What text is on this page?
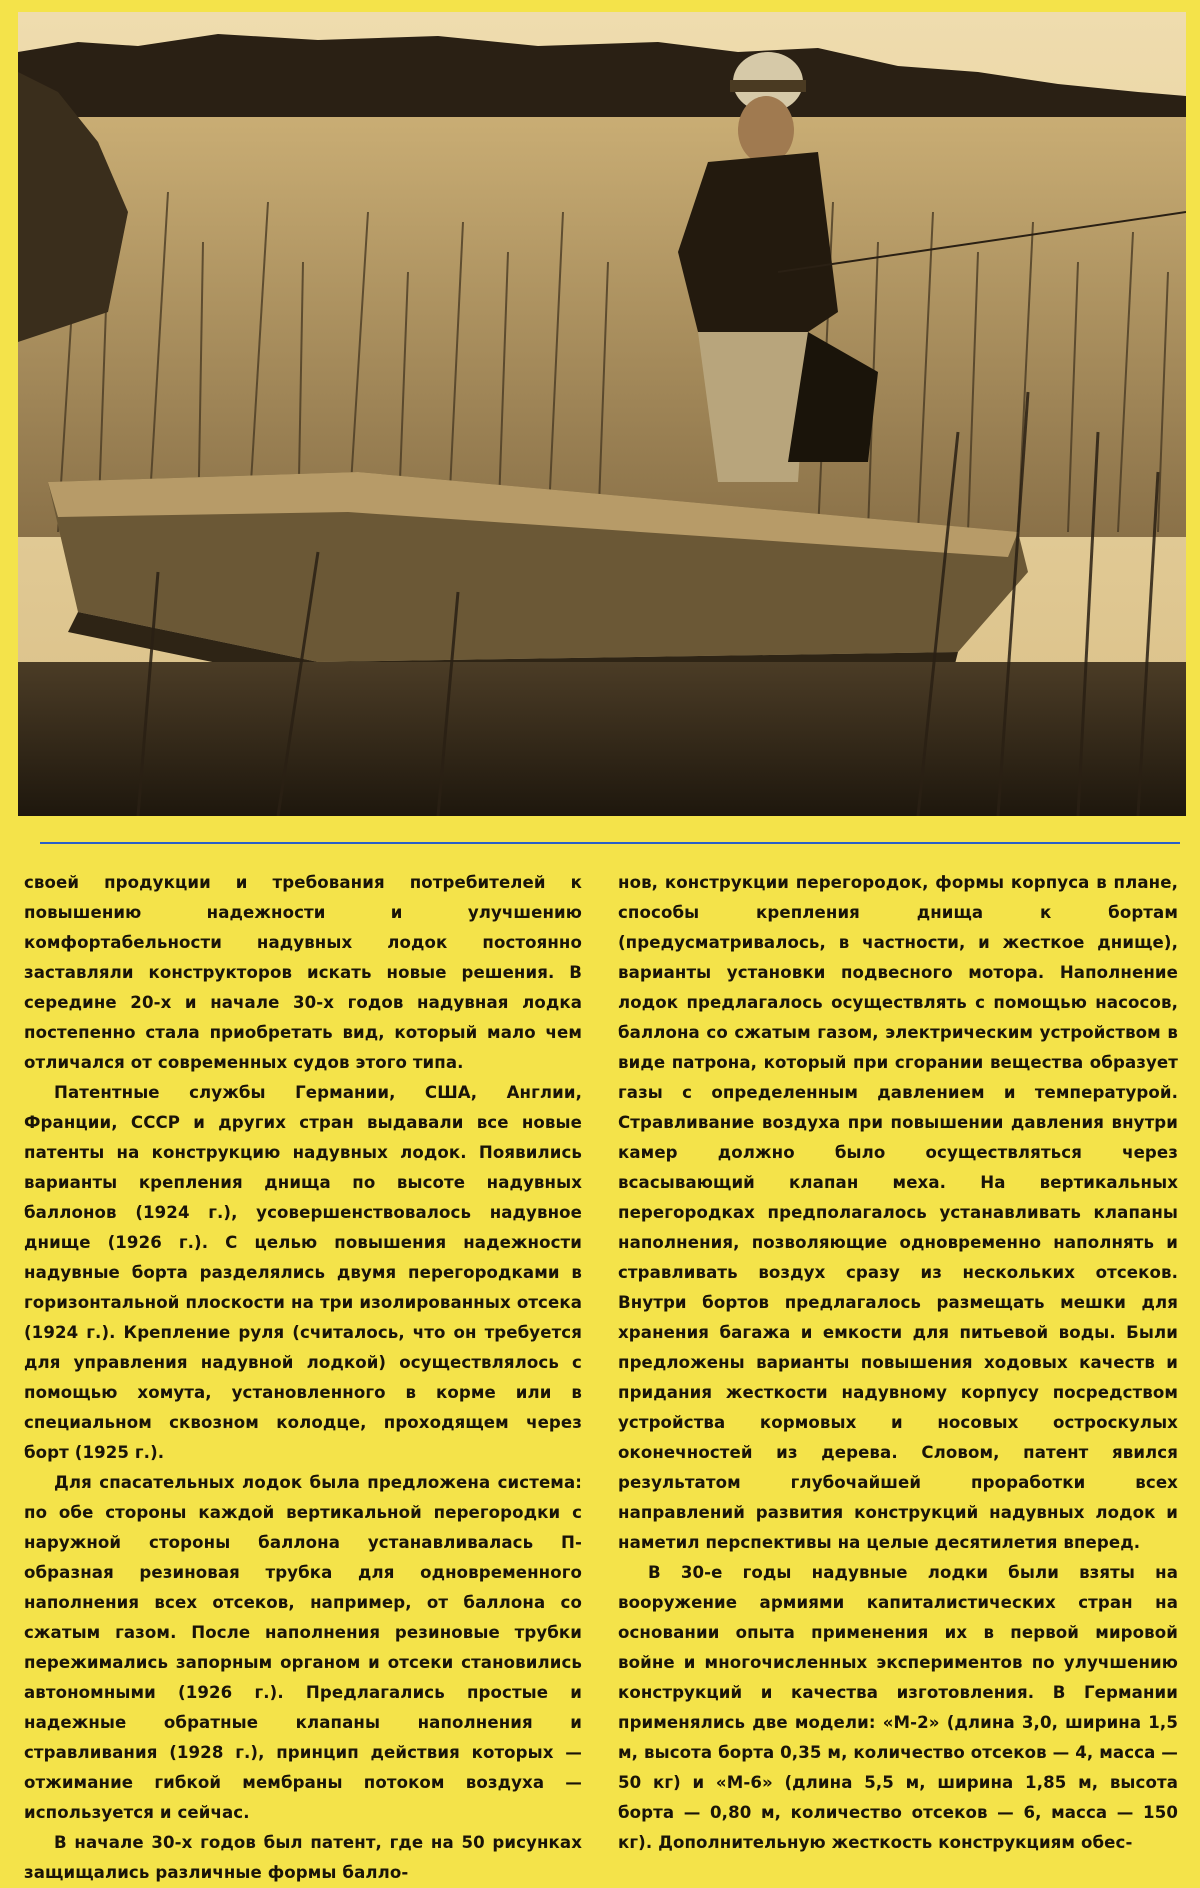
своей продукции и требования потребителей к повышению надежности и улучшению комфортабельности надувных лодок постоянно заставляли конструкторов искать новые решения. В середине 20-х и начале 30-х годов надувная лодка постепенно стала приобретать вид, который мало чем отличался от современных судов этого типа.

Патентные службы Германии, США, Англии, Франции, СССР и других стран выдавали все новые патенты на конструкцию надувных лодок. Появились варианты крепления днища по высоте надувных баллонов (1924 г.), усовершенствовалось надувное днище (1926 г.). С целью повышения надежности надувные борта разделялись двумя перегородками в горизонтальной плоскости на три изолированных отсека (1924 г.). Крепление руля (считалось, что он требуется для управления надувной лодкой) осуществлялось с помощью хомута, установленного в корме или в специальном сквозном колодце, проходящем через борт (1925 г.).

Для спасательных лодок была предложена система: по обе стороны каждой вертикальной перегородки с наружной стороны баллона устанавливалась П-образная резиновая трубка для одновременного наполнения всех отсеков, например, от баллона со сжатым газом. После наполнения резиновые трубки пережимались запорным органом и отсеки становились автономными (1926 г.). Предлагались простые и надежные обратные клапаны наполнения и стравливания (1928 г.), принцип действия которых — отжимание гибкой мембраны потоком воздуха — используется и сейчас.

В начале 30-х годов был патент, где на 50 рисунках защищались различные формы балло-

нов, конструкции перегородок, формы корпуса в плане, способы крепления днища к бортам (предусматривалось, в частности, и жесткое днище), варианты установки подвесного мотора. Наполнение лодок предлагалось осуществлять с помощью насосов, баллона со сжатым газом, электрическим устройством в виде патрона, который при сгорании вещества образует газы с определенным давлением и температурой. Стравливание воздуха при повышении давления внутри камер должно было осуществляться через всасывающий клапан меха. На вертикальных перегородках предполагалось устанавливать клапаны наполнения, позволяющие одновременно наполнять и стравливать воздух сразу из нескольких отсеков. Внутри бортов предлагалось размещать мешки для хранения багажа и емкости для питьевой воды. Были предложены варианты повышения ходовых качеств и придания жесткости надувному корпусу посредством устройства кормовых и носовых остроскулых оконечностей из дерева. Словом, патент явился результатом глубочайшей проработки всех направлений развития конструкций надувных лодок и наметил перспективы на целые десятилетия вперед.

В 30-е годы надувные лодки были взяты на вооружение армиями капиталистических стран на основании опыта применения их в первой мировой войне и многочисленных экспериментов по улучшению конструкций и качества изготовления. В Германии применялись две модели: «М-2» (длина 3,0, ширина 1,5 м, высота борта 0,35 м, количество отсеков — 4, масса — 50 кг) и «М-6» (длина 5,5 м, ширина 1,85 м, высота борта — 0,80 м, количество отсеков — 6, масса — 150 кг). Дополнительную жесткость конструкциям обес-
